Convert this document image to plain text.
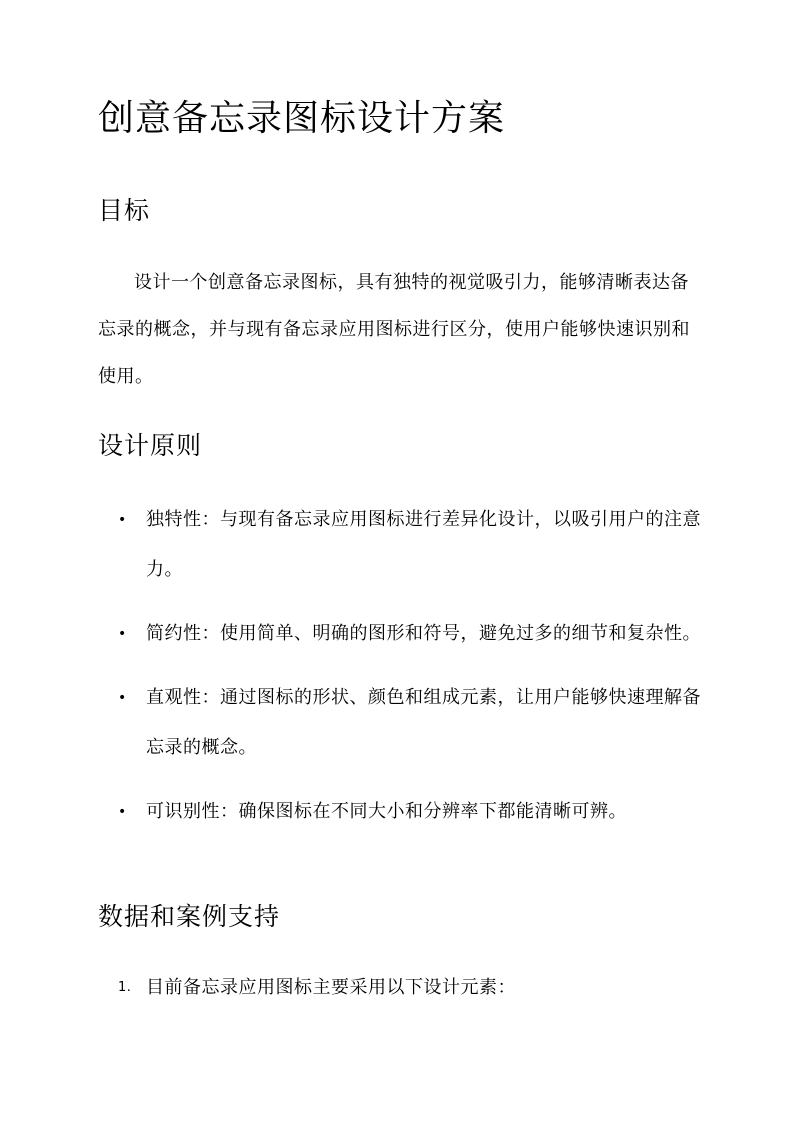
创意备忘录图标设计方案
目标

设计一个创意备忘录图标，具有独特的视觉吸引力，能够清晰表达备忘录的概念，并与现有备忘录应用图标进行区分，使用户能够快速识别和使用。

设计原则
• 独特性：与现有备忘录应用图标进行差异化设计，以吸引用户的注意力。
• 简约性：使用简单、明确的图形和符号，避免过多的细节和复杂性。
• 直观性：通过图标的形状、颜色和组成元素，让用户能够快速理解备忘录的概念。
• 可识别性：确保图标在不同大小和分辨率下都能清晰可辨。
数据和案例支持
1. 目前备忘录应用图标主要采用以下设计元素：
